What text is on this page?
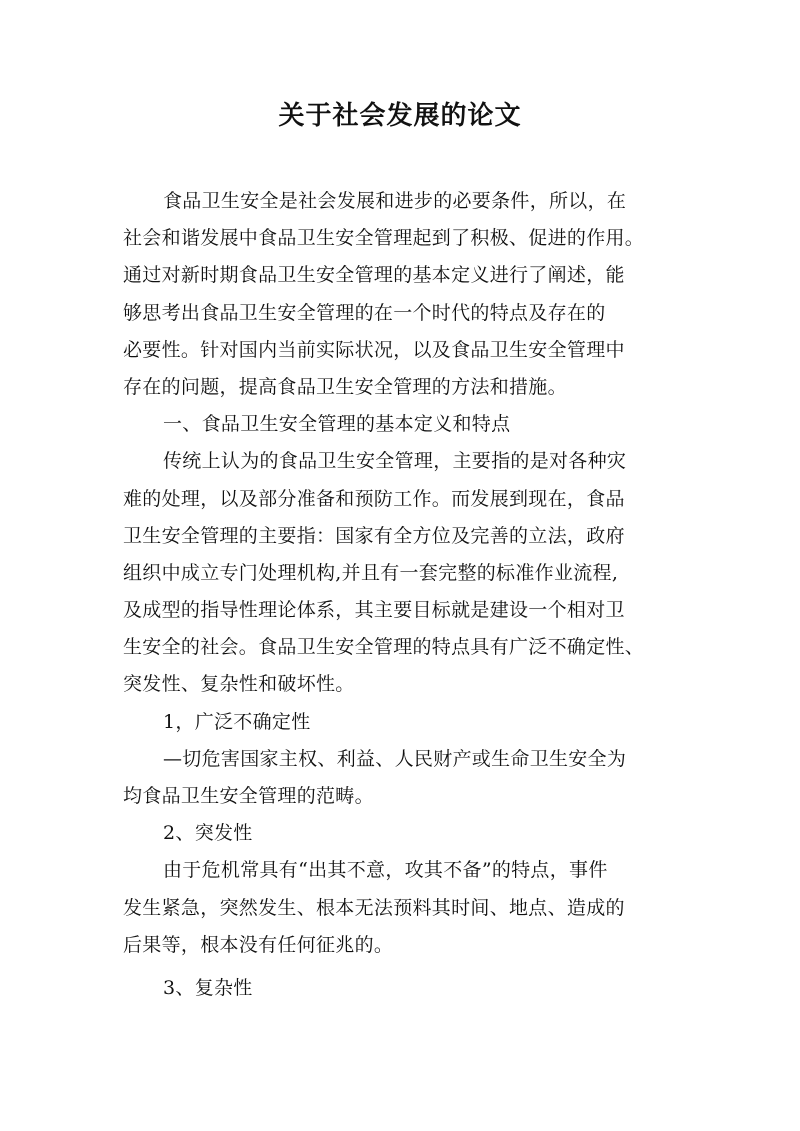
关于社会发展的论文
食品卫生安全是社会发展和进步的必要条件，所以，在
社会和谐发展中食品卫生安全管理起到了积极、促进的作用。
通过对新时期食品卫生安全管理的基本定义进行了阐述，能
够思考出食品卫生安全管理的在一个时代的特点及存在的
必要性。针对国内当前实际状况，以及食品卫生安全管理中
存在的问题，提高食品卫生安全管理的方法和措施。
一、食品卫生安全管理的基本定义和特点
传统上认为的食品卫生安全管理，主要指的是对各种灾
难的处理，以及部分准备和预防工作。而发展到现在，食品
卫生安全管理的主要指：国家有全方位及完善的立法，政府
组织中成立专门处理机构,并且有一套完整的标准作业流程,
及成型的指导性理论体系，其主要目标就是建设一个相对卫
生安全的社会。食品卫生安全管理的特点具有广泛不确定性、
突发性、复杂性和破坏性。
1，广泛不确定性
—切危害国家主权、利益、人民财产或生命卫生安全为
均食品卫生安全管理的范畴。
2、突发性
由于危机常具有“出其不意，攻其不备”的特点，事件
发生紧急，突然发生、根本无法预料其时间、地点、造成的
后果等，根本没有任何征兆的。
3、复杂性
